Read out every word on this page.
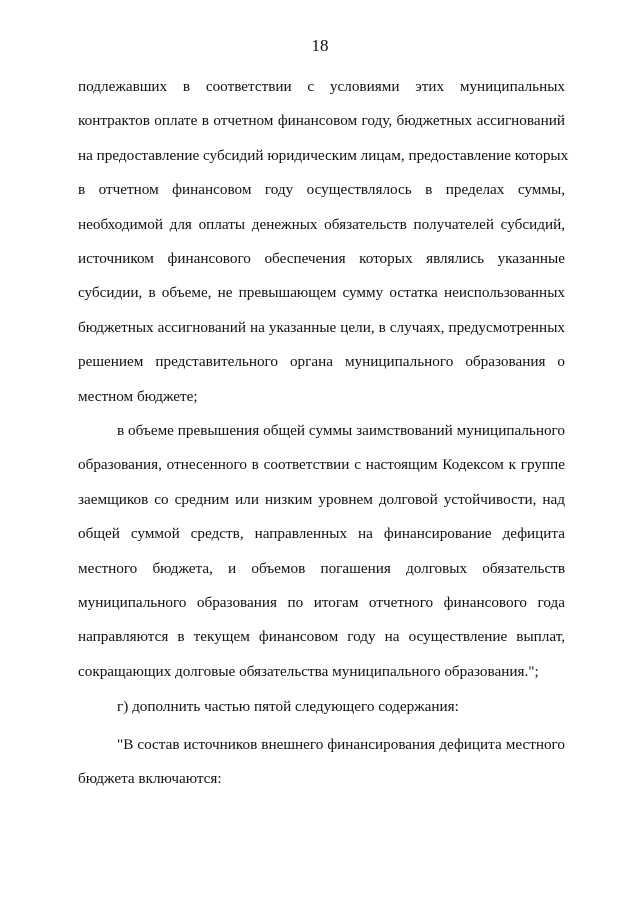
18
подлежавших в соответствии с условиями этих муниципальных
контрактов оплате в отчетном финансовом году, бюджетных ассигнований
на предоставление субсидий юридическим лицам, предоставление которых
в отчетном финансовом году осуществлялось в пределах суммы,
необходимой для оплаты денежных обязательств получателей субсидий,
источником финансового обеспечения которых являлись указанные
субсидии, в объеме, не превышающем сумму остатка неиспользованных
бюджетных ассигнований на указанные цели, в случаях, предусмотренных
решением представительного органа муниципального образования о
местном бюджете;
в объеме превышения общей суммы заимствований муниципального
образования, отнесенного в соответствии с настоящим Кодексом к группе
заемщиков со средним или низким уровнем долговой устойчивости, над
общей суммой средств, направленных на финансирование дефицита
местного бюджета, и объемов погашения долговых обязательств
муниципального образования по итогам отчетного финансового года
направляются в текущем финансовом году на осуществление выплат,
сокращающих долговые обязательства муниципального образования.";
г) дополнить частью пятой следующего содержания:
"В состав источников внешнего финансирования дефицита местного
бюджета включаются:
